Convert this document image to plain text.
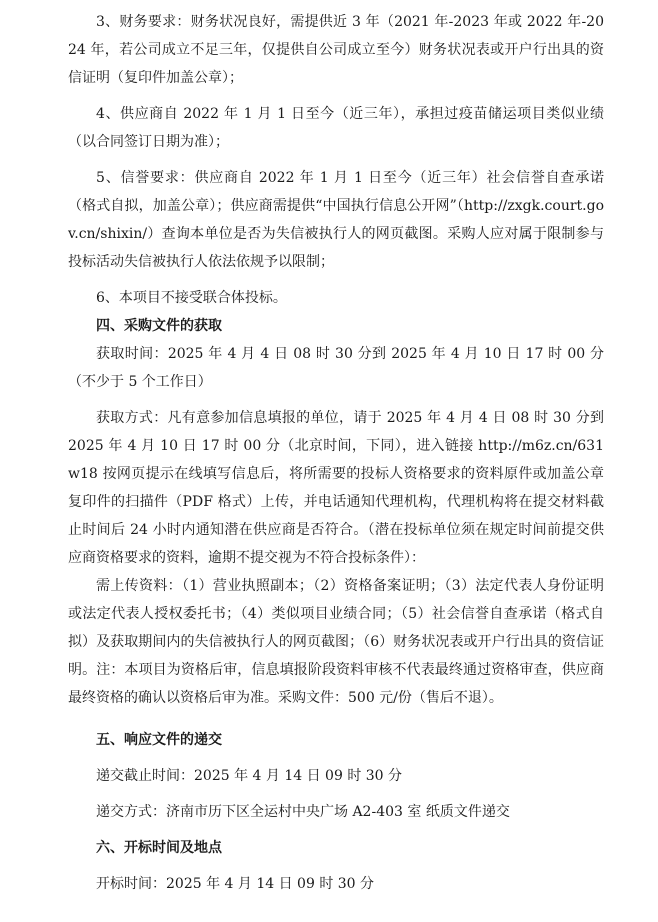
3、财务要求：财务状况良好，需提供近 3 年（2021 年-2023 年或 2022 年-2024 年，若公司成立不足三年，仅提供自公司成立至今）财务状况表或开户行出具的资信证明（复印件加盖公章）；

4、供应商自 2022 年 1 月 1 日至今（近三年），承担过疫苗储运项目类似业绩（以合同签订日期为准）；

5、信誉要求：供应商自 2022 年 1 月 1 日至今（近三年）社会信誉自查承诺（格式自拟，加盖公章）；供应商需提供“中国执行信息公开网”（http://zxgk.court.gov.cn/shixin/）查询本单位是否为失信被执行人的网页截图。采购人应对属于限制参与投标活动失信被执行人依法依规予以限制；

6、本项目不接受联合体投标。

四、采购文件的获取

获取时间：2025 年 4 月 4 日 08 时 30 分到 2025 年 4 月 10 日 17 时 00 分（不少于 5 个工作日）

获取方式：凡有意参加信息填报的单位，请于 2025 年 4 月 4 日 08 时 30 分到 2025 年 4 月 10 日 17 时 00 分（北京时间，下同），进入链接 http://m6z.cn/631w18 按网页提示在线填写信息后，将所需要的投标人资格要求的资料原件或加盖公章复印件的扫描件（PDF 格式）上传，并电话通知代理机构，代理机构将在提交材料截止时间后 24 小时内通知潜在供应商是否符合。（潜在投标单位须在规定时间前提交供应商资格要求的资料，逾期不提交视为不符合投标条件）：

需上传资料：（1）营业执照副本；（2）资格备案证明；（3）法定代表人身份证明或法定代表人授权委托书；（4）类似项目业绩合同；（5）社会信誉自查承诺（格式自拟）及获取期间内的失信被执行人的网页截图；（6）财务状况表或开户行出具的资信证明。注：本项目为资格后审，信息填报阶段资料审核不代表最终通过资格审查，供应商最终资格的确认以资格后审为准。采购文件：500 元/份（售后不退）。

五、响应文件的递交

递交截止时间：2025 年 4 月 14 日 09 时 30 分

递交方式：济南市历下区全运村中央广场 A2-403 室 纸质文件递交

六、开标时间及地点

开标时间：2025 年 4 月 14 日 09 时 30 分
